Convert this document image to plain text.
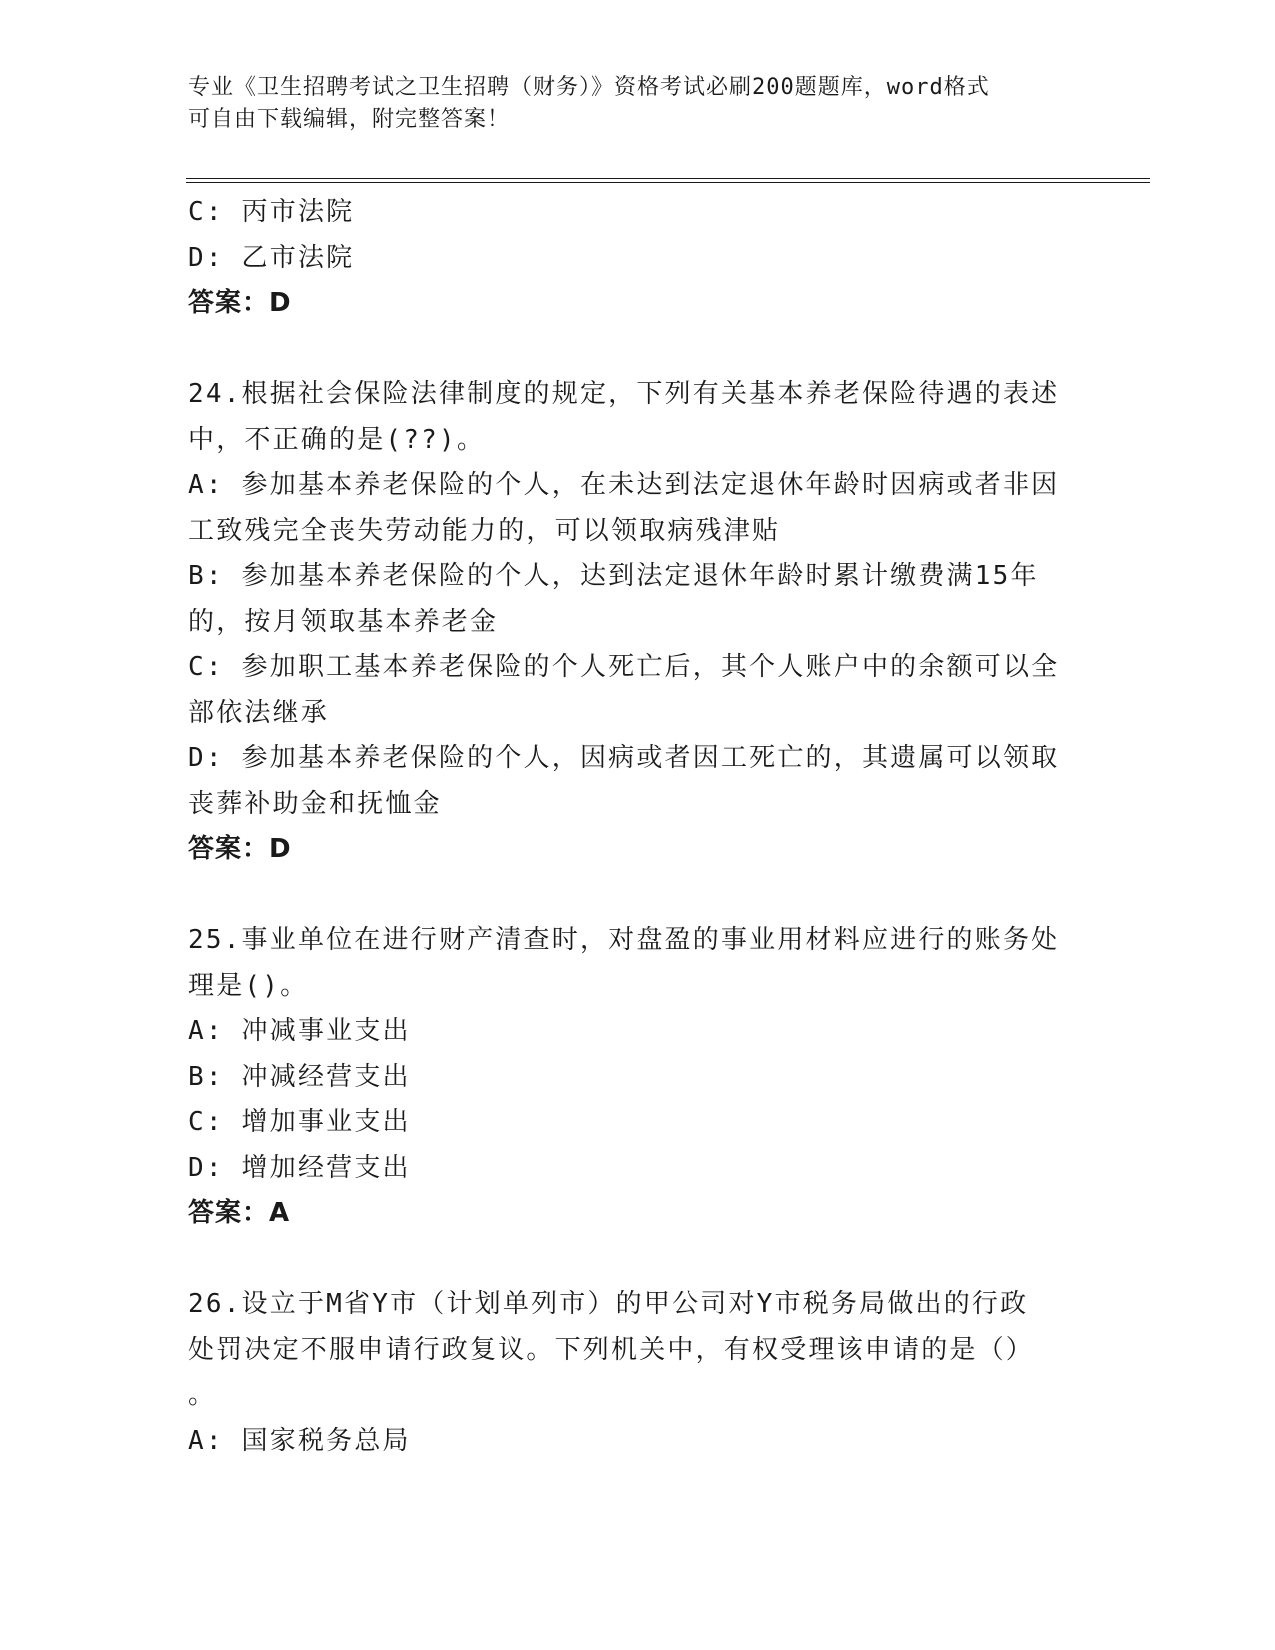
专业《卫生招聘考试之卫生招聘（财务）》资格考试必刷200题题库，word格式
可自由下载编辑，附完整答案！
C: 丙市法院
D: 乙市法院
答案：D
24.根据社会保险法律制度的规定，下列有关基本养老保险待遇的表述
中，不正确的是(??)。
A: 参加基本养老保险的个人，在未达到法定退休年龄时因病或者非因
工致残完全丧失劳动能力的，可以领取病残津贴
B: 参加基本养老保险的个人，达到法定退休年龄时累计缴费满15年
的，按月领取基本养老金
C: 参加职工基本养老保险的个人死亡后，其个人账户中的余额可以全
部依法继承
D: 参加基本养老保险的个人，因病或者因工死亡的，其遗属可以领取
丧葬补助金和抚恤金
答案：D
25.事业单位在进行财产清查时，对盘盈的事业用材料应进行的账务处
理是()。
A: 冲减事业支出
B: 冲减经营支出
C: 增加事业支出
D: 增加经营支出
答案：A
26.设立于M省Y市（计划单列市）的甲公司对Y市税务局做出的行政
处罚决定不服申请行政复议。下列机关中，有权受理该申请的是（）
。
A: 国家税务总局
